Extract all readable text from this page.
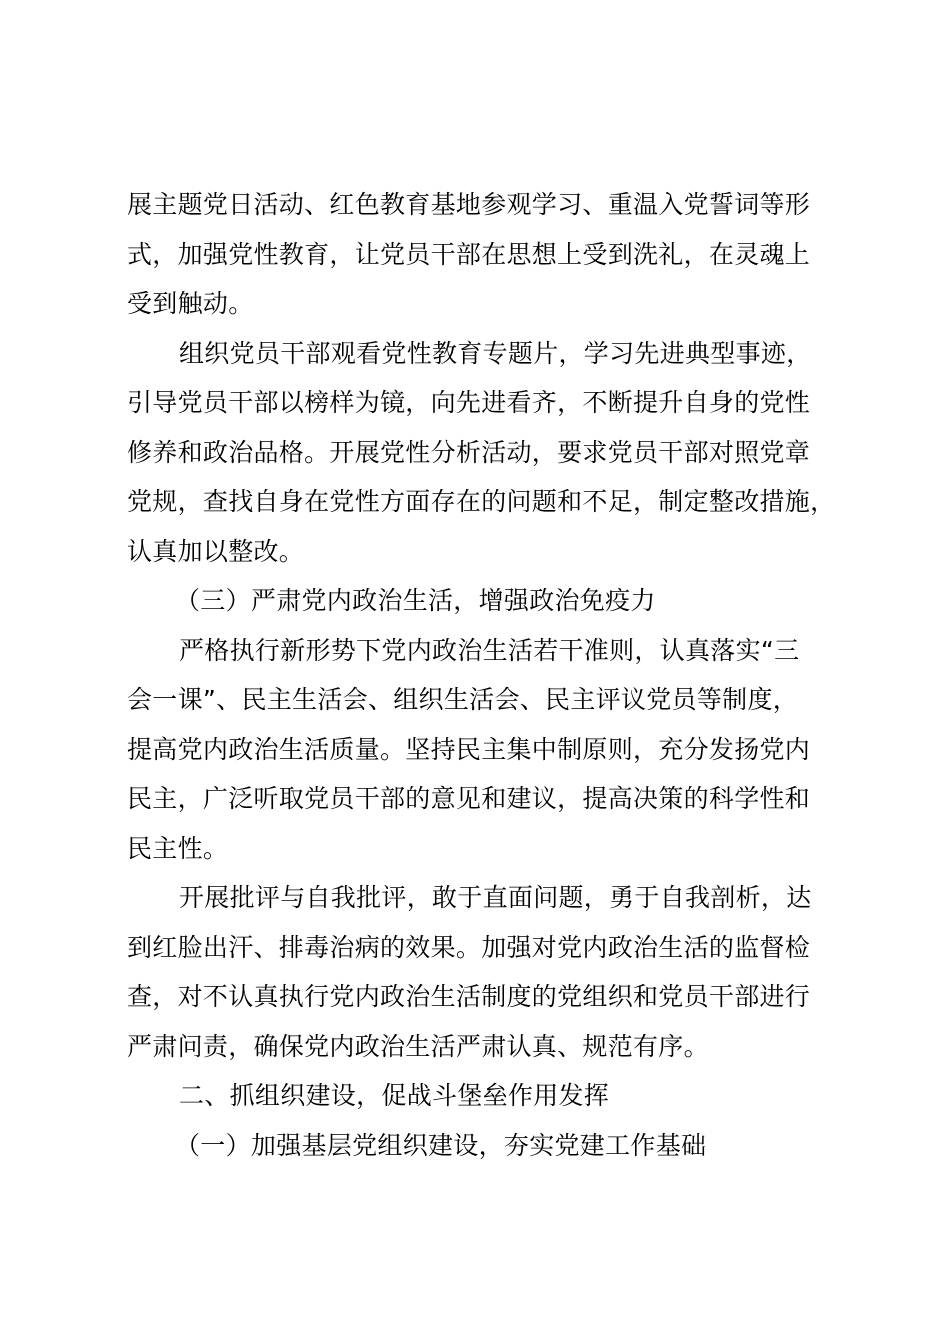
展主题党日活动、红色教育基地参观学习、重温入党誓词等形
式，加强党性教育，让党员干部在思想上受到洗礼，在灵魂上
受到触动。
组织党员干部观看党性教育专题片，学习先进典型事迹，
引导党员干部以榜样为镜，向先进看齐，不断提升自身的党性
修养和政治品格。开展党性分析活动，要求党员干部对照党章
党规，查找自身在党性方面存在的问题和不足，制定整改措施，
认真加以整改。
（三）严肃党内政治生活，增强政治免疫力
严格执行新形势下党内政治生活若干准则，认真落实“三
会一课”、民主生活会、组织生活会、民主评议党员等制度，
提高党内政治生活质量。坚持民主集中制原则，充分发扬党内
民主，广泛听取党员干部的意见和建议，提高决策的科学性和
民主性。
开展批评与自我批评，敢于直面问题，勇于自我剖析，达
到红脸出汗、排毒治病的效果。加强对党内政治生活的监督检
查，对不认真执行党内政治生活制度的党组织和党员干部进行
严肃问责，确保党内政治生活严肃认真、规范有序。
二、抓组织建设，促战斗堡垒作用发挥
（一）加强基层党组织建设，夯实党建工作基础
